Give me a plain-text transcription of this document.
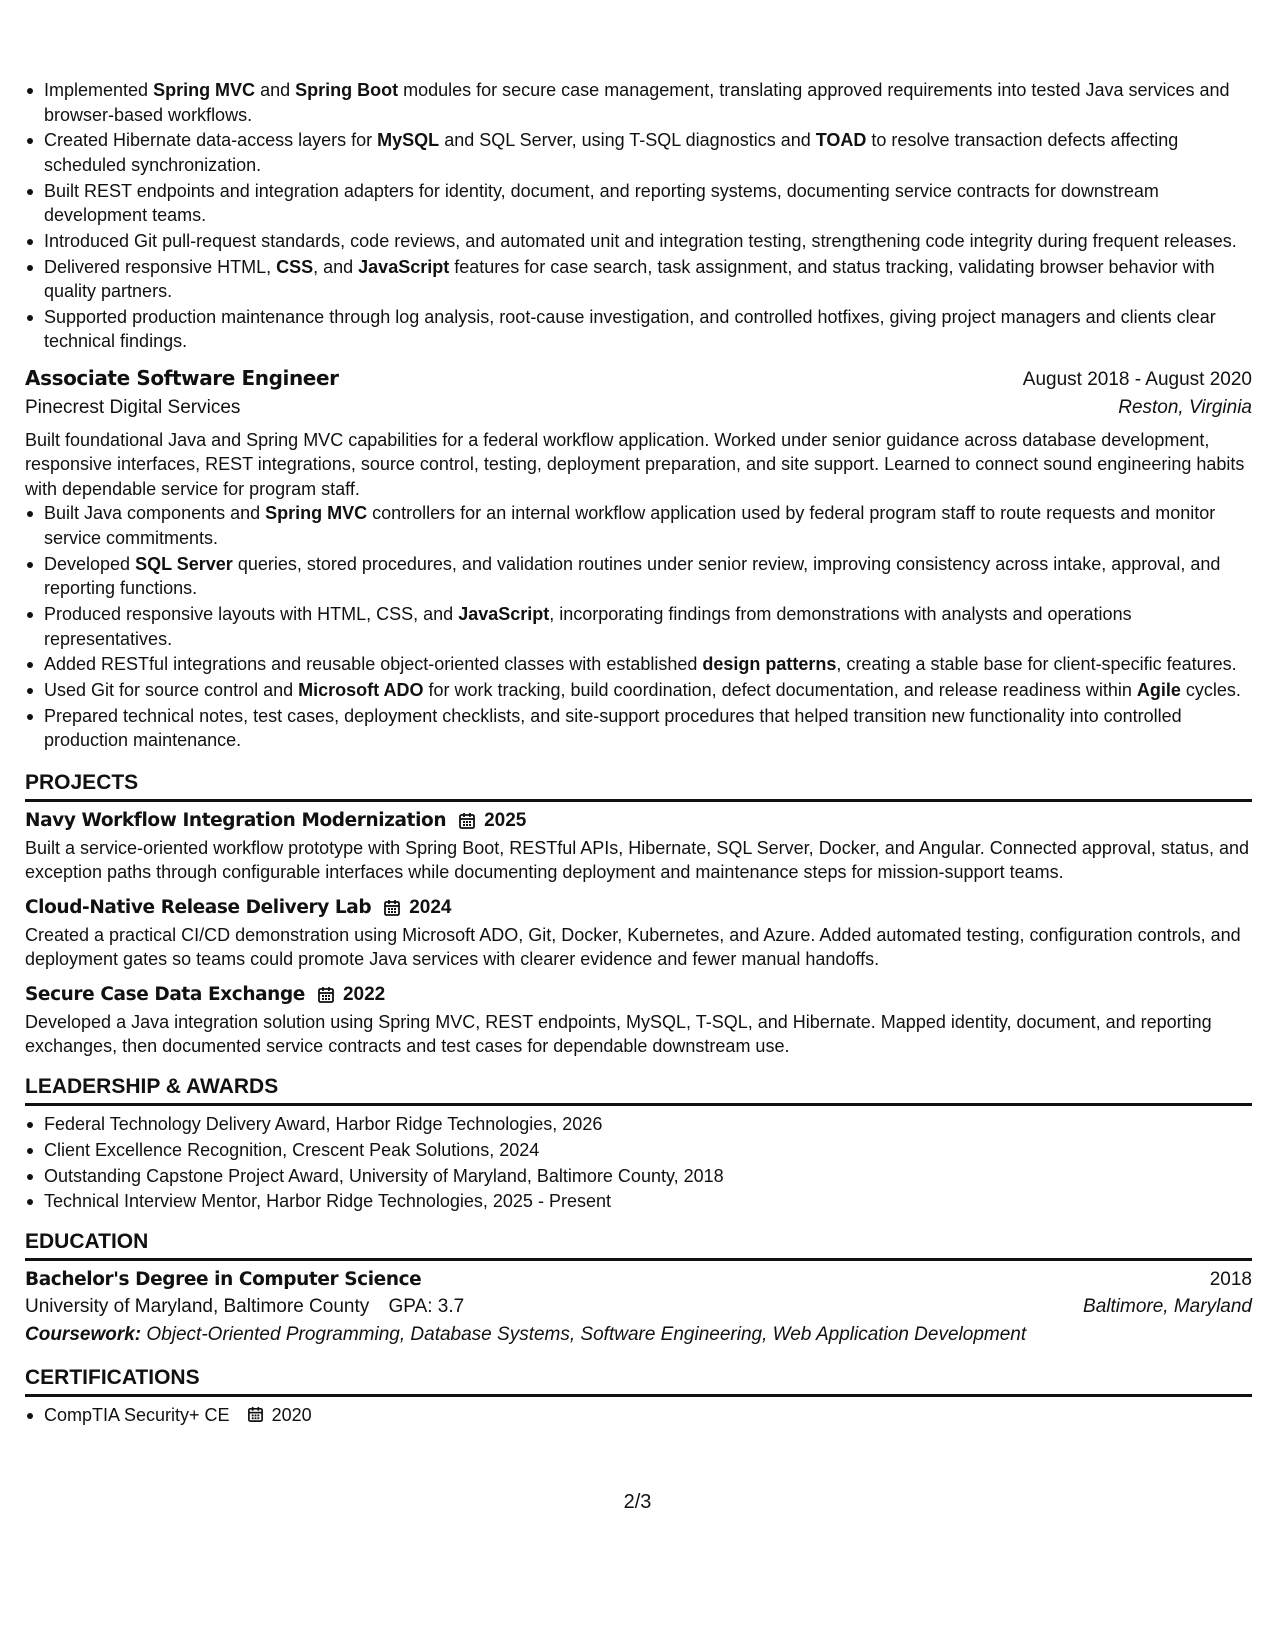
Implemented Spring MVC and Spring Boot modules for secure case management, translating approved requirements into tested Java services and browser-based workflows.
Created Hibernate data-access layers for MySQL and SQL Server, using T-SQL diagnostics and TOAD to resolve transaction defects affecting scheduled synchronization.
Built REST endpoints and integration adapters for identity, document, and reporting systems, documenting service contracts for downstream development teams.
Introduced Git pull-request standards, code reviews, and automated unit and integration testing, strengthening code integrity during frequent releases.
Delivered responsive HTML, CSS, and JavaScript features for case search, task assignment, and status tracking, validating browser behavior with quality partners.
Supported production maintenance through log analysis, root-cause investigation, and controlled hotfixes, giving project managers and clients clear technical findings.
Associate Software Engineer	August 2018 - August 2020
Pinecrest Digital Services	Reston, Virginia
Built foundational Java and Spring MVC capabilities for a federal workflow application. Worked under senior guidance across database development, responsive interfaces, REST integrations, source control, testing, deployment preparation, and site support. Learned to connect sound engineering habits with dependable service for program staff.
Built Java components and Spring MVC controllers for an internal workflow application used by federal program staff to route requests and monitor service commitments.
Developed SQL Server queries, stored procedures, and validation routines under senior review, improving consistency across intake, approval, and reporting functions.
Produced responsive layouts with HTML, CSS, and JavaScript, incorporating findings from demonstrations with analysts and operations representatives.
Added RESTful integrations and reusable object-oriented classes with established design patterns, creating a stable base for client-specific features.
Used Git for source control and Microsoft ADO for work tracking, build coordination, defect documentation, and release readiness within Agile cycles.
Prepared technical notes, test cases, deployment checklists, and site-support procedures that helped transition new functionality into controlled production maintenance.
PROJECTS
Navy Workflow Integration Modernization 2025
Built a service-oriented workflow prototype with Spring Boot, RESTful APIs, Hibernate, SQL Server, Docker, and Angular. Connected approval, status, and exception paths through configurable interfaces while documenting deployment and maintenance steps for mission-support teams.
Cloud-Native Release Delivery Lab 2024
Created a practical CI/CD demonstration using Microsoft ADO, Git, Docker, Kubernetes, and Azure. Added automated testing, configuration controls, and deployment gates so teams could promote Java services with clearer evidence and fewer manual handoffs.
Secure Case Data Exchange 2022
Developed a Java integration solution using Spring MVC, REST endpoints, MySQL, T-SQL, and Hibernate. Mapped identity, document, and reporting exchanges, then documented service contracts and test cases for dependable downstream use.
LEADERSHIP & AWARDS
Federal Technology Delivery Award, Harbor Ridge Technologies, 2026
Client Excellence Recognition, Crescent Peak Solutions, 2024
Outstanding Capstone Project Award, University of Maryland, Baltimore County, 2018
Technical Interview Mentor, Harbor Ridge Technologies, 2025 - Present
EDUCATION
Bachelor's Degree in Computer Science	2018
University of Maryland, Baltimore County GPA: 3.7	Baltimore, Maryland
Coursework: Object-Oriented Programming, Database Systems, Software Engineering, Web Application Development
CERTIFICATIONS
CompTIA Security+ CE 2020
2/3
